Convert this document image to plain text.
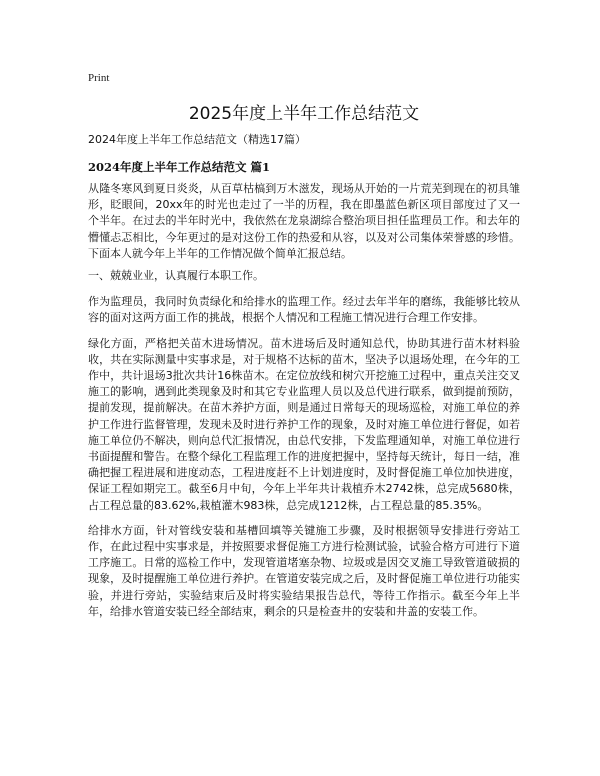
Print
2025年度上半年工作总结范文
2024年度上半年工作总结范文（精选17篇）
2024年度上半年工作总结范文 篇1

从隆冬寒风到夏日炎炎，从百草枯槁到万木滋发，现场从开始的一片荒芜到现在的初具雏形，眨眼间，20xx年的时光也走过了一半的历程，我在即墨蓝色新区项目部度过了又一个半年。在过去的半年时光中，我依然在龙泉湖综合整治项目担任监理员工作。和去年的懵懂忐忑相比，今年更过的是对这份工作的热爱和从容，以及对公司集体荣誉感的珍惜。下面本人就今年上半年的工作情况做个简单汇报总结。

一、兢兢业业，认真履行本职工作。

作为监理员，我同时负责绿化和给排水的监理工作。经过去年半年的磨练，我能够比较从容的面对这两方面工作的挑战，根据个人情况和工程施工情况进行合理工作安排。

绿化方面，严格把关苗木进场情况。苗木进场后及时通知总代，协助其进行苗木材料验收，共在实际测量中实事求是，对于规格不达标的苗木，坚决予以退场处理，在今年的工作中，共计退场3批次共计16株苗木。在定位放线和树穴开挖施工过程中，重点关注交叉施工的影响，遇到此类现象及时和其它专业监理人员以及总代进行联系，做到提前预防，提前发现，提前解决。在苗木养护方面，则是通过日常每天的现场巡检，对施工单位的养护工作进行监督管理，发现未及时进行养护工作的现象，及时对施工单位进行督促，如若施工单位仍不解决，则向总代汇报情况，由总代安排，下发监理通知单，对施工单位进行书面提醒和警告。在整个绿化工程监理工作的进度把握中，坚持每天统计，每日一结，准确把握工程进展和进度动态，工程进度赶不上计划进度时，及时督促施工单位加快进度，保证工程如期完工。截至6月中旬，今年上半年共计栽植乔木2742株，总完成5680株，占工程总量的83.62%,栽植灌木983株，总完成1212株，占工程总量的85.35%。

给排水方面，针对管线安装和基槽回填等关键施工步骤，及时根据领导安排进行旁站工作，在此过程中实事求是，并按照要求督促施工方进行检测试验，试验合格方可进行下道工序施工。日常的巡检工作中，发现管道堵塞杂物、垃圾或是因交叉施工导致管道破损的现象，及时提醒施工单位进行养护。在管道安装完成之后，及时督促施工单位进行功能实验，并进行旁站，实验结束后及时将实验结果报告总代，等待工作指示。截至今年上半年，给排水管道安装已经全部结束，剩余的只是检查井的安装和井盖的安装工作。
